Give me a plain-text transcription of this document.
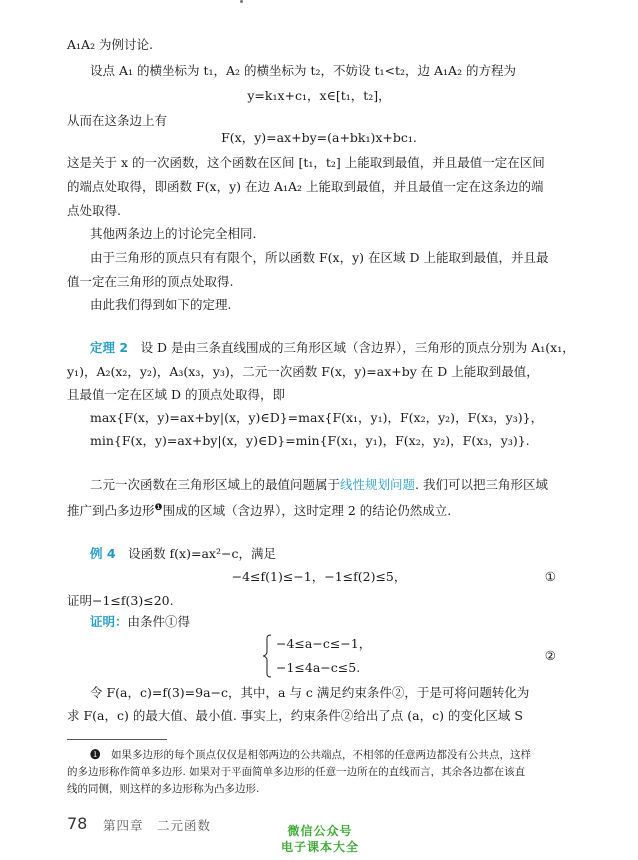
A₁A₂ 为例讨论.
设点 A₁ 的横坐标为 t₁，A₂ 的横坐标为 t₂，不妨设 t₁<t₂，边 A₁A₂ 的方程为
y=k₁x+c₁，x∈[t₁，t₂]，
从而在这条边上有
F(x，y)=ax+by=(a+bk₁)x+bc₁.
这是关于 x 的一次函数，这个函数在区间 [t₁，t₂] 上能取到最值，并且最值一定在区间
的端点处取得，即函数 F(x，y) 在边 A₁A₂ 上能取到最值，并且最值一定在这条边的端
点处取得.
其他两条边上的讨论完全相同.
由于三角形的顶点只有有限个，所以函数 F(x，y) 在区域 D 上能取到最值，并且最
值一定在三角形的顶点处取得.
由此我们得到如下的定理.
定理 2　 设 D 是由三条直线围成的三角形区域（含边界），三角形的顶点分别为 A₁(x₁，
y₁)，A₂(x₂，y₂)，A₃(x₃，y₃)，二元一次函数 F(x，y)=ax+by 在 D 上能取到最值，
且最值一定在区域 D 的顶点处取得，即
max{F(x，y)=ax+by|(x，y)∈D}=max{F(x₁，y₁)，F(x₂，y₂)，F(x₃，y₃)}，
min{F(x，y)=ax+by|(x，y)∈D}=min{F(x₁，y₁)，F(x₂，y₂)，F(x₃，y₃)}.
二元一次函数在三角形区域上的最值问题属于线性规划问题. 我们可以把三角形区域
推广到凸多边形$^❶$围成的区域（含边界），这时定理 2 的结论仍然成立.
例 4　 设函数 f(x)=ax²−c，满足
−4≤f(1)≤−1，−1≤f(2)≤5，	①
证明−1≤f(3)≤20.
证明：由条件①得
−4≤a−c≤−1，
−1≤4a−c≤5.
②
令 F(a，c)=f(3)=9a−c，其中，a 与 c 满足约束条件②，于是可将问题转化为
求 F(a，c) 的最大值、最小值. 事实上，约束条件②给出了点 (a，c) 的变化区域 S
❶　如果多边形的每个顶点仅仅是相邻两边的公共端点，不相邻的任意两边都没有公共点，这样
的多边形称作简单多边形. 如果对于平面简单多边形的任意一边所在的直线而言，其余各边都在该直
线的同侧，则这样的多边形称为凸多边形.
78 第四章　二元函数	微信公众号
电子课本大全
